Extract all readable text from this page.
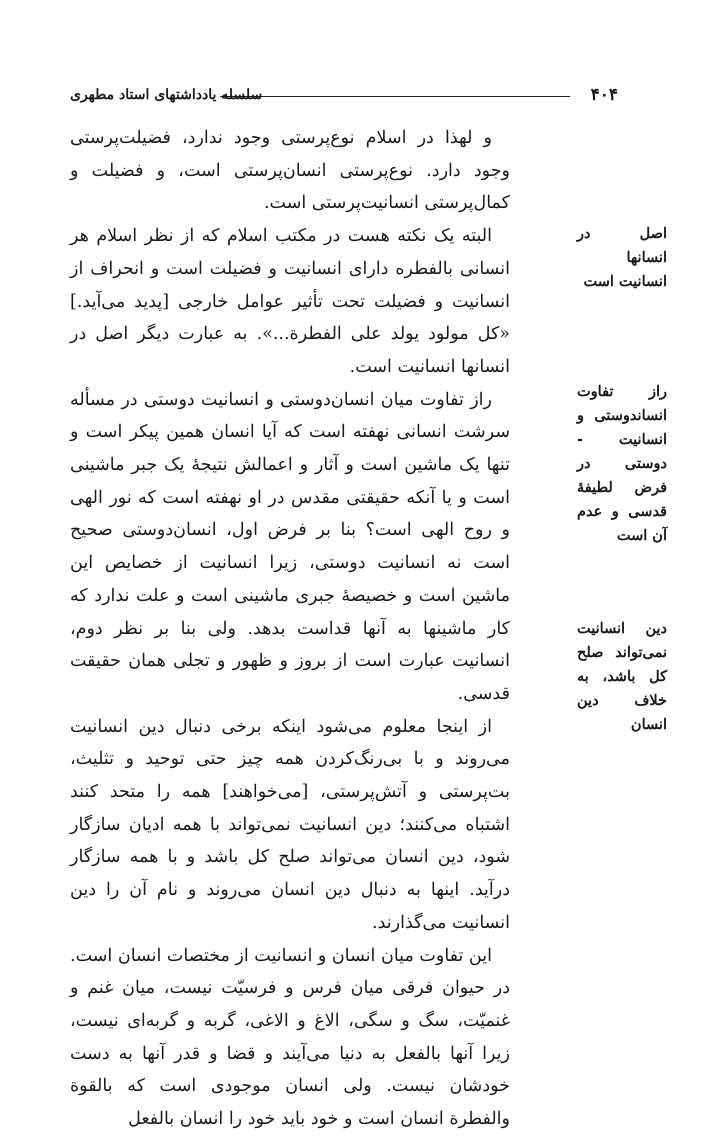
۴۰۴
سلسله یادداشتهای استاد مطهری
اصل در انسانها انسانیت است
راز تفاوت انساندوستی و انسانیت - دوستی در فرض لطیفهٔ قدسی و عدم آن است
دین انسانیت نمی‌تواند صلح کل باشد، به خلاف دین انسان

و لهذا در اسلام نوع‌پرستی وجود ندارد، فضیلت‌پرستی وجود دارد. نوع‌پرستی انسان‌پرستی است، و فضیلت و کمال‌پرستی انسانیت‌پرستی است.

البته یک نکته هست در مکتب اسلام که از نظر اسلام هر انسانی بالفطره دارای انسانیت و فضیلت است و انحراف از انسانیت و فضیلت تحت تأثیر عوامل خارجی [پدید می‌آید.] «کل مولود یولد علی الفطرة...». به عبارت دیگر اصل در انسانها انسانیت است.

راز تفاوت میان انسان‌دوستی و انسانیت دوستی در مسأله سرشت انسانی نهفته است که آیا انسان همین پیکر است و تنها یک ماشین است و آثار و اعمالش نتیجهٔ یک جبر ماشینی است و یا آنکه حقیقتی مقدس در او نهفته است که نور الهی و روح الهی است؟ بنا بر فرض اول، انسان‌دوستی صحیح است نه انسانیت دوستی، زیرا انسانیت از خصایص این ماشین است و خصیصهٔ جبری ماشینی است و علت ندارد که کار ماشینها به آنها قداست بدهد. ولی بنا بر نظر دوم، انسانیت عبارت است از بروز و ظهور و تجلی همان حقیقت قدسی.

از اینجا معلوم می‌شود اینکه برخی دنبال دین انسانیت می‌روند و با بی‌رنگ‌کردن همه چیز حتی توحید و تثلیث، بت‌پرستی و آتش‌پرستی، [می‌خواهند] همه را متحد کنند اشتباه می‌کنند؛ دین انسانیت نمی‌تواند با همه ادیان سازگار شود، دین انسان می‌تواند صلح کل باشد و با همه سازگار درآید. اینها به دنبال دین انسان می‌روند و نام آن را دین انسانیت می‌گذارند.

این تفاوت میان انسان و انسانیت از مختصات انسان است. در حیوان فرقی میان فرس و فرسیّت نیست، میان غنم و غنمیّت، سگ و سگی، الاغ و الاغی، گربه و گربه‌ای نیست، زیرا آنها بالفعل به دنیا می‌آیند و قضا و قدر آنها به دست خودشان نیست. ولی انسان موجودی است که بالقوة والفطرة انسان است و خود باید خود را انسان بالفعل
